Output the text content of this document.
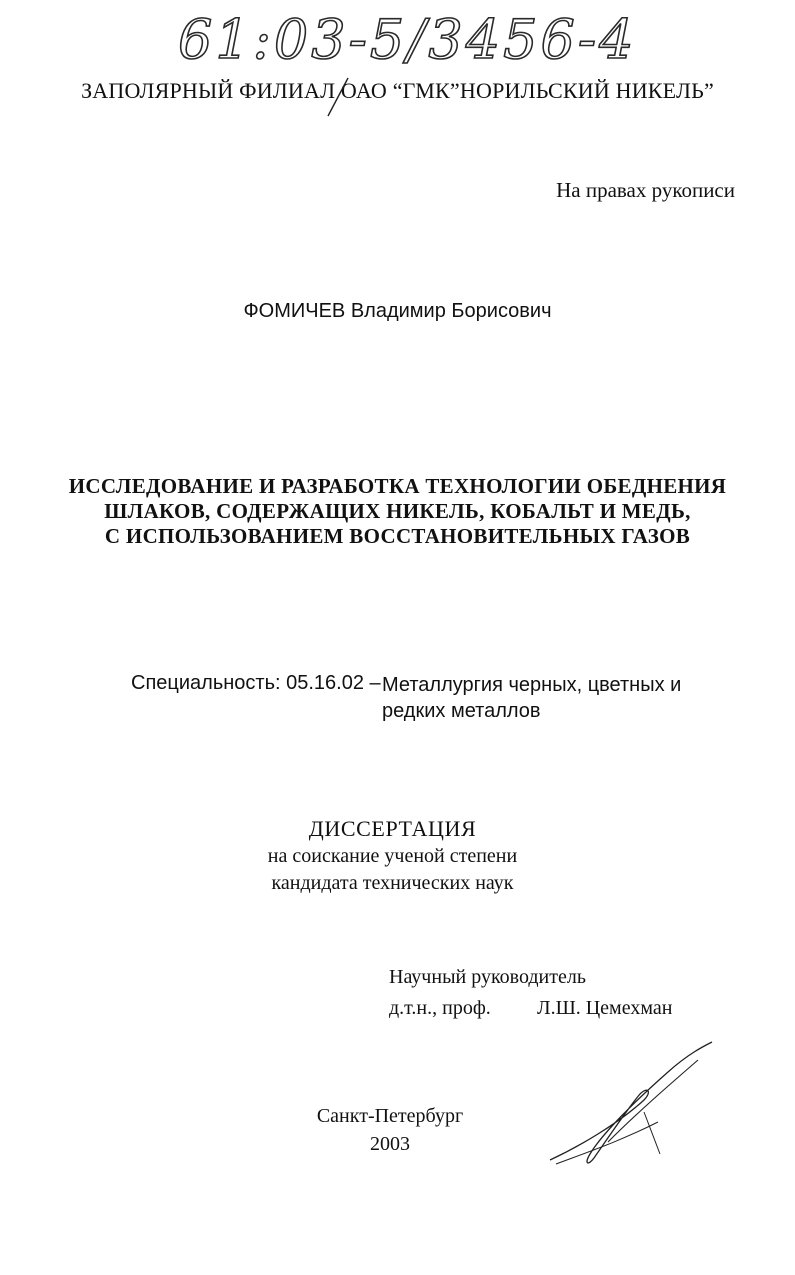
61:03-5/3456-4
ЗАПОЛЯРНЫЙ ФИЛИАЛ ОАО “ГМК”НОРИЛЬСКИЙ НИКЕЛЬ”
На правах рукописи
ФОМИЧЕВ Владимир Борисович
ИССЛЕДОВАНИЕ И РАЗРАБОТКА ТЕХНОЛОГИИ ОБЕДНЕНИЯ
ШЛАКОВ, СОДЕРЖАЩИХ НИКЕЛЬ, КОБАЛЬТ И МЕДЬ,
С ИСПОЛЬЗОВАНИЕМ ВОССТАНОВИТЕЛЬНЫХ ГАЗОВ
Специальность: 05.16.02 – Металлургия черных, цветных и
редких металлов
ДИССЕРТАЦИЯ
на соискание ученой степени
кандидата технических наук
Научный руководитель
д.т.н., проф. Л.Ш. Цемехман
Санкт-Петербург
2003
